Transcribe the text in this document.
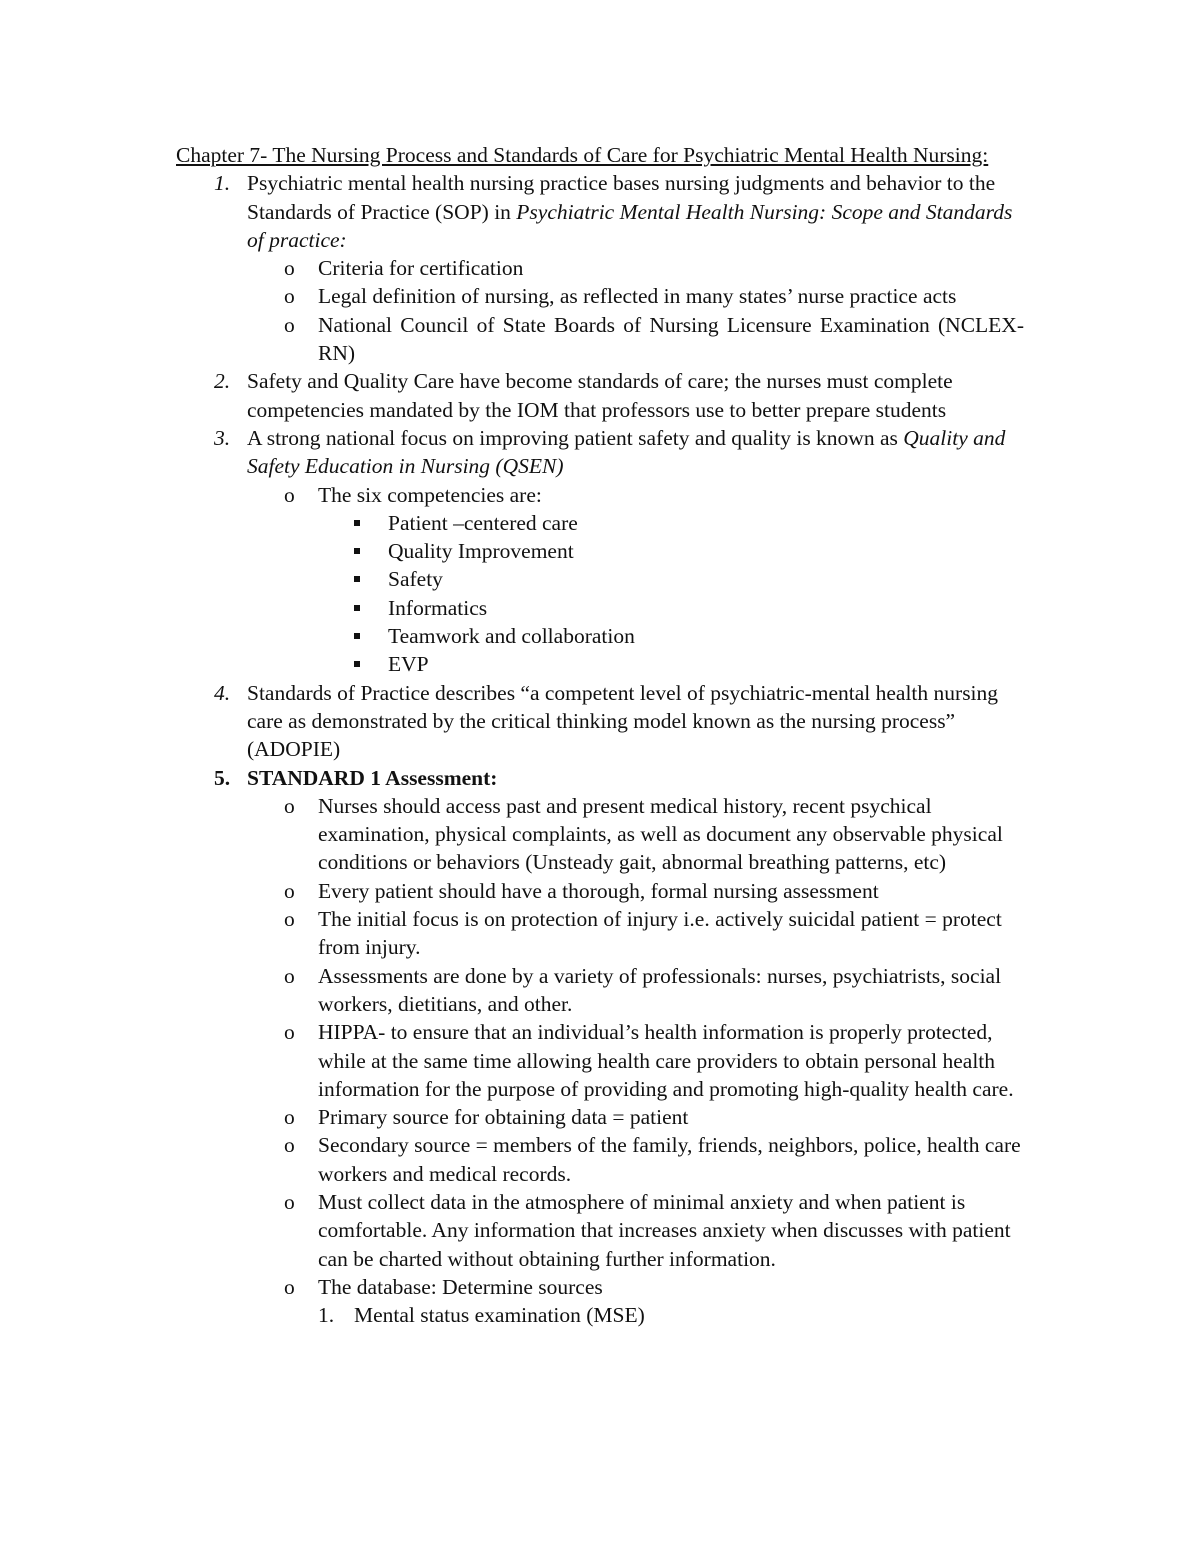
Chapter 7- The Nursing Process and Standards of Care for Psychiatric Mental Health Nursing:

1. Psychiatric mental health nursing practice bases nursing judgments and behavior to the Standards of Practice (SOP) in Psychiatric Mental Health Nursing: Scope and Standards of practice:
o Criteria for certification
o Legal definition of nursing, as reflected in many states’ nurse practice acts
o National Council of State Boards of Nursing Licensure Examination (NCLEX-RN)
2. Safety and Quality Care have become standards of care; the nurses must complete competencies mandated by the IOM that professors use to better prepare students
3. A strong national focus on improving patient safety and quality is known as Quality and Safety Education in Nursing (QSEN)
o The six competencies are:
Patient –centered care
Quality Improvement
Safety
Informatics
Teamwork and collaboration
EVP
4. Standards of Practice describes “a competent level of psychiatric-mental health nursing care as demonstrated by the critical thinking model known as the nursing process” (ADOPIE)
5. STANDARD 1 Assessment:
o Nurses should access past and present medical history, recent psychical examination, physical complaints, as well as document any observable physical conditions or behaviors (Unsteady gait, abnormal breathing patterns, etc)
o Every patient should have a thorough, formal nursing assessment
o The initial focus is on protection of injury i.e. actively suicidal patient = protect from injury.
o Assessments are done by a variety of professionals: nurses, psychiatrists, social workers, dietitians, and other.
o HIPPA- to ensure that an individual’s health information is properly protected, while at the same time allowing health care providers to obtain personal health information for the purpose of providing and promoting high-quality health care.
o Primary source for obtaining data = patient
o Secondary source = members of the family, friends, neighbors, police, health care workers and medical records.
o Must collect data in the atmosphere of minimal anxiety and when patient is comfortable. Any information that increases anxiety when discusses with patient can be charted without obtaining further information.
o The database: Determine sources
1. Mental status examination (MSE)
